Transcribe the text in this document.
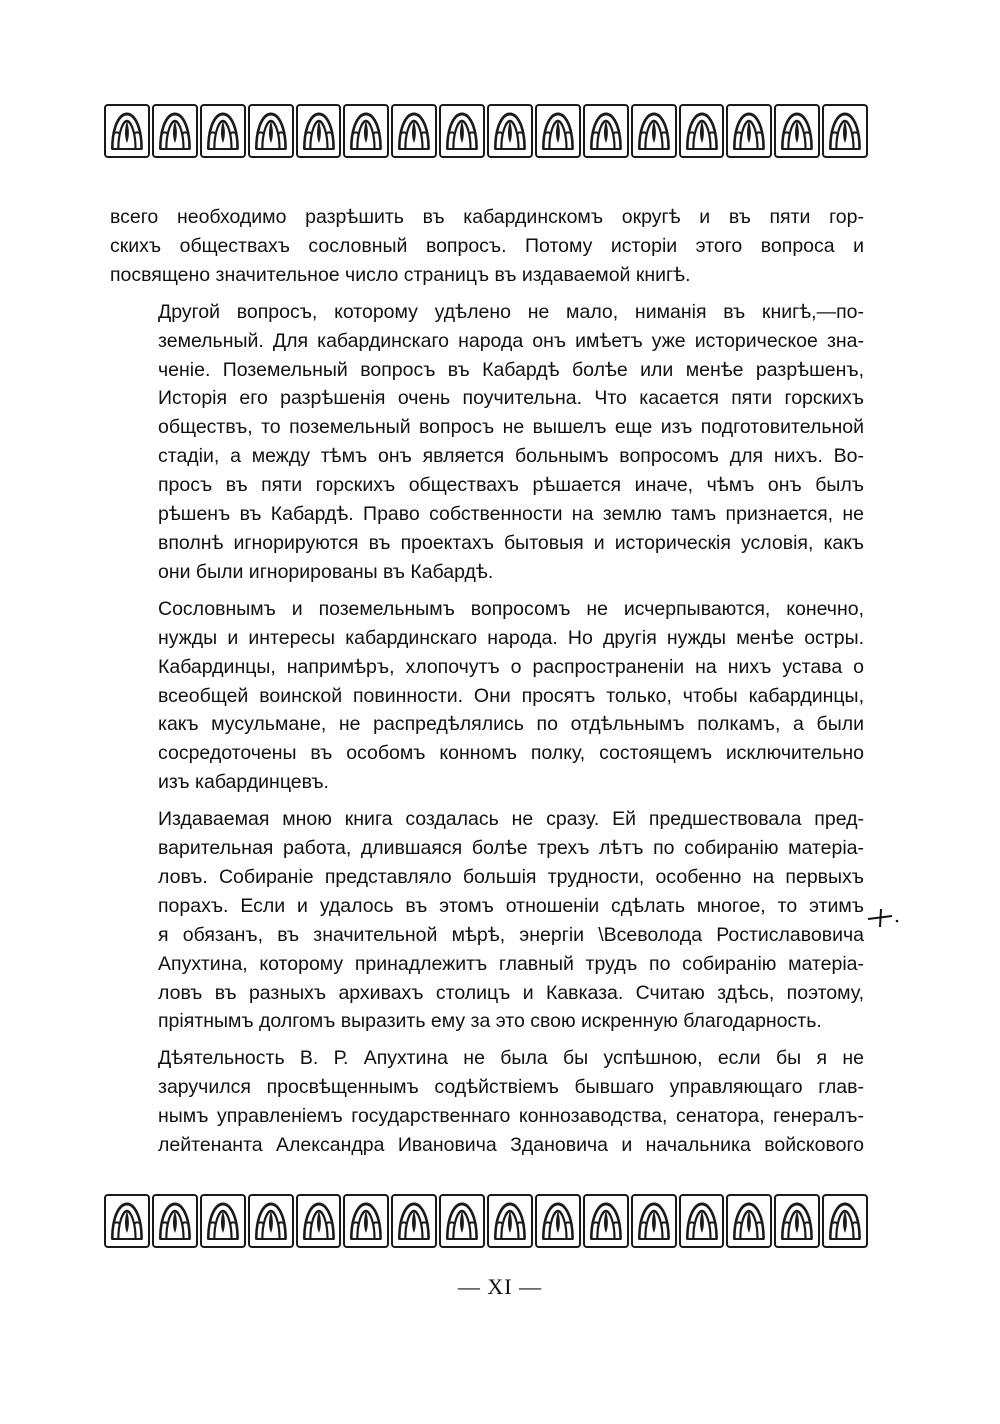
всего необходимо разрѣшить въ кабардинскомъ округѣ и въ пяти гор-
скихъ обществахъ сословный вопросъ. Потому исторіи этого вопроса и
посвящено значительное число страницъ въ издаваемой книгѣ.
Другой вопросъ, которому удѣлено не мало, ниманія въ книгѣ,—по-
земельный. Для кабардинскаго народа онъ имѣетъ уже историческое зна-
ченіе. Поземельный вопросъ въ Кабардѣ болѣе или менѣе разрѣшенъ,
Исторія его разрѣшенія очень поучительна. Что касается пяти горскихъ
обществъ, то поземельный вопросъ не вышелъ еще изъ подготовительной
стадіи, а между тѣмъ онъ является больнымъ вопросомъ для нихъ. Во-
просъ въ пяти горскихъ обществахъ рѣшается иначе, чѣмъ онъ былъ
рѣшенъ въ Кабардѣ. Право собственности на землю тамъ признается, не
вполнѣ игнорируются въ проектахъ бытовыя и историческія условія, какъ
они были игнорированы въ Кабардѣ.
Сословнымъ и поземельнымъ вопросомъ не исчерпываются, конечно,
нужды и интересы кабардинскаго народа. Но другія нужды менѣе остры.
Кабардинцы, напримѣръ, хлопочутъ о распространеніи на нихъ устава о
всеобщей воинской повинности. Они просятъ только, чтобы кабардинцы,
какъ мусульмане, не распредѣлялись по отдѣльнымъ полкамъ, а были
сосредоточены въ особомъ конномъ полку, состоящемъ исключительно
изъ кабардинцевъ.
Издаваемая мною книга создалась не сразу. Ей предшествовала пред-
варительная работа, длившаяся болѣе трехъ лѣтъ по собиранію матеріа-
ловъ. Собираніе представляло большія трудности, особенно на первыхъ
порахъ. Если и удалось въ этомъ отношеніи сдѣлать многое, то этимъ
я обязанъ, въ значительной мѣрѣ, энергіи \Всеволода Ростиславовича
Апухтина, которому принадлежитъ главный трудъ по собиранію матеріа-
ловъ въ разныхъ архивахъ столицъ и Кавказа. Считаю здѣсь, поэтому,
пріятнымъ долгомъ выразить ему за это свою искренную благодарность.
Дѣятельность В. Р. Апухтина не была бы успѣшною, если бы я не
заручился просвѣщеннымъ содѣйствіемъ бывшаго управляющаго глав-
нымъ управленіемъ государственнаго коннозаводства, сенатора, генералъ-
лейтенанта Александра Ивановича Здановича и начальника войскового
— XI —
